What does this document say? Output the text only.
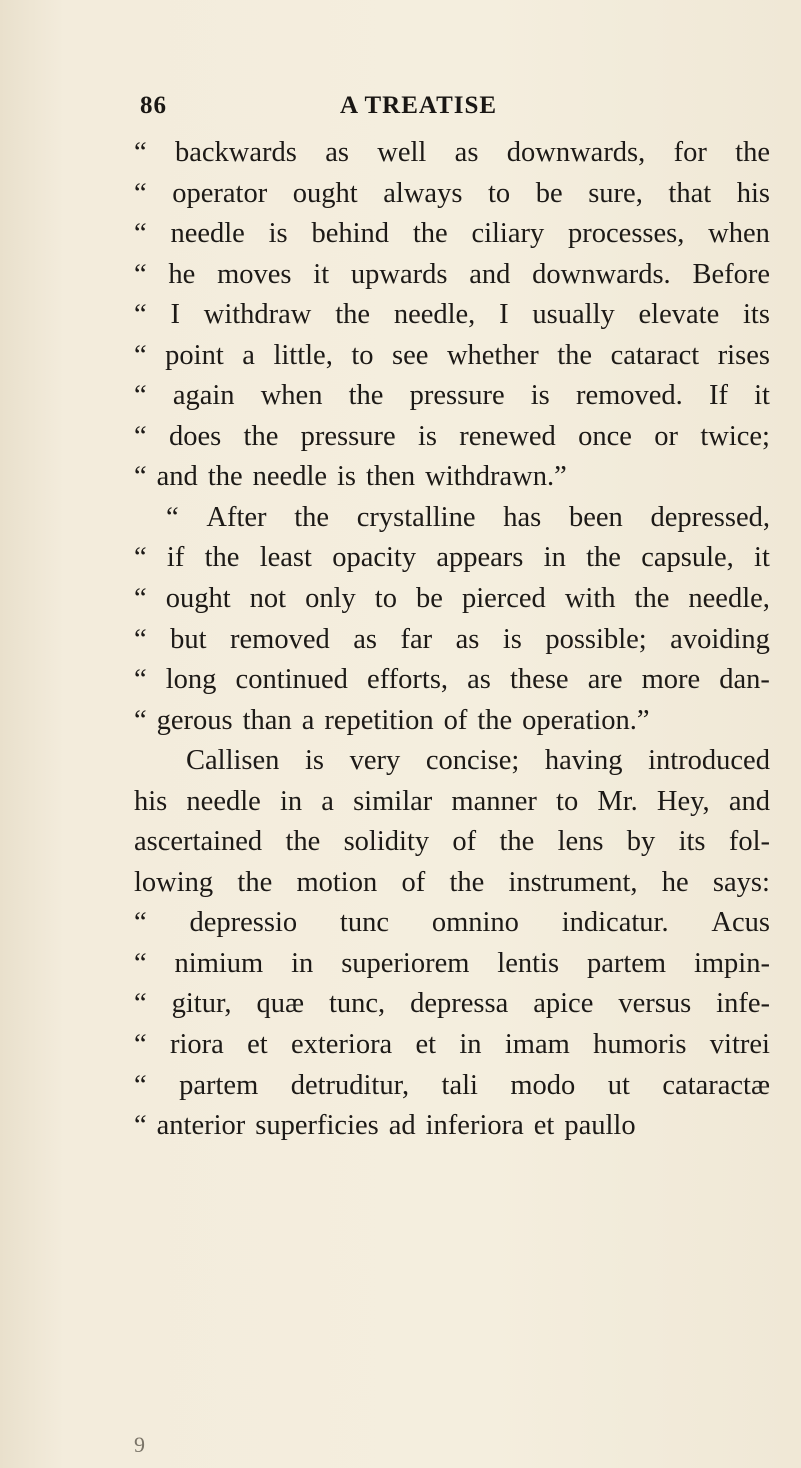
86	A TREATISE
“ backwards as well as downwards, for the
“ operator ought always to be sure, that his
“ needle is behind the ciliary processes, when
“ he moves it upwards and downwards. Before
“ I withdraw the needle, I usually elevate its
“ point a little, to see whether the cataract rises
“ again when the pressure is removed. If it
“ does the pressure is renewed once or twice;
“ and the needle is then withdrawn.”
“ After the crystalline has been depressed,
“ if the least opacity appears in the capsule, it
“ ought not only to be pierced with the needle,
“ but removed as far as is possible; avoiding
“ long continued efforts, as these are more dan-
“ gerous than a repetition of the operation.”
Callisen is very concise; having introduced
his needle in a similar manner to Mr. Hey, and
ascertained the solidity of the lens by its fol-
lowing the motion of the instrument, he says:
“ depressio tunc omnino indicatur. Acus
“ nimium in superiorem lentis partem impin-
“ gitur, quæ tunc, depressa apice versus infe-
“ riora et exteriora et in imam humoris vitrei
“ partem detruditur, tali modo ut cataractæ
“ anterior superficies ad inferiora et paullo
9
